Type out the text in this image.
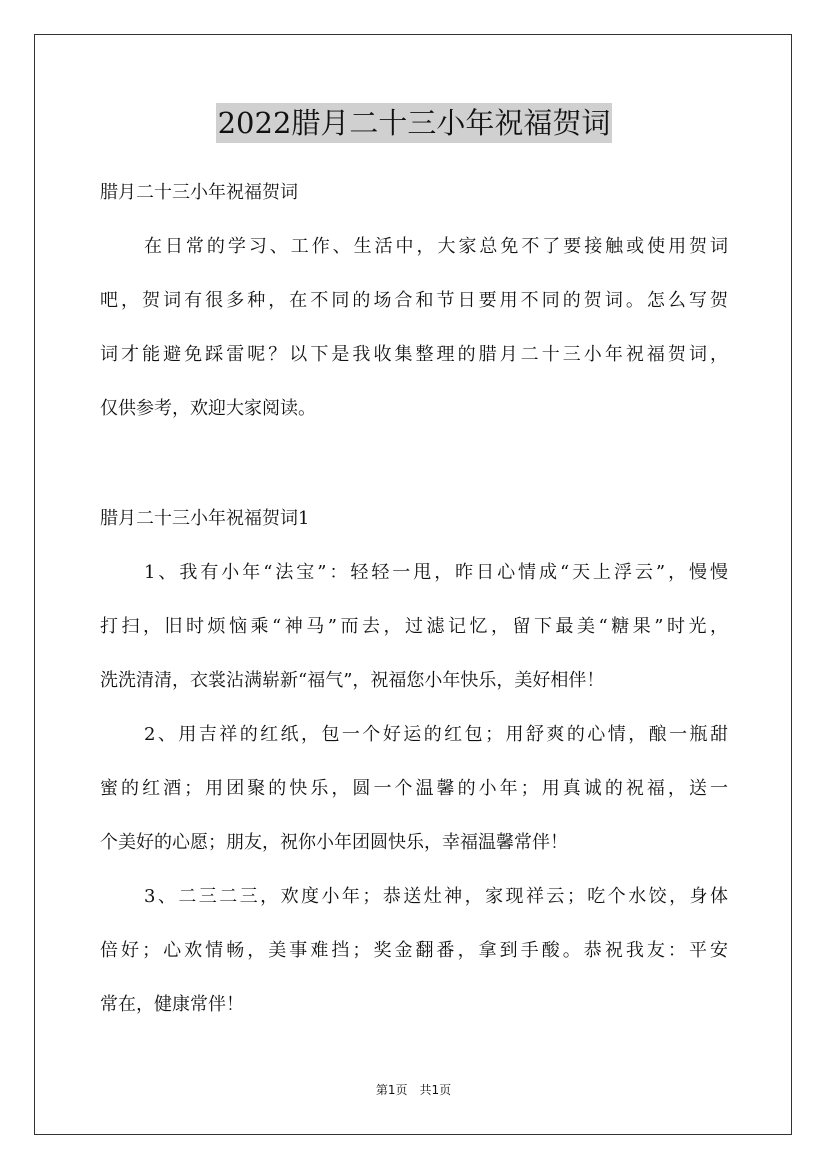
2022腊月二十三小年祝福贺词
腊月二十三小年祝福贺词
在日常的学习、工作、生活中，大家总免不了要接触或使用贺词
吧，贺词有很多种，在不同的场合和节日要用不同的贺词。怎么写贺
词才能避免踩雷呢？以下是我收集整理的腊月二十三小年祝福贺词，
仅供参考，欢迎大家阅读。
腊月二十三小年祝福贺词1
1、我有小年“法宝”：轻轻一甩，昨日心情成“天上浮云”，慢慢
打扫，旧时烦恼乘“神马”而去，过滤记忆，留下最美“糖果”时光，
洗洗清清，衣裳沾满崭新“福气”，祝福您小年快乐，美好相伴！
2、用吉祥的红纸，包一个好运的红包；用舒爽的心情，酿一瓶甜
蜜的红酒；用团聚的快乐，圆一个温馨的小年；用真诚的祝福，送一
个美好的心愿；朋友，祝你小年团圆快乐，幸福温馨常伴！
3、二三二三，欢度小年；恭送灶神，家现祥云；吃个水饺，身体
倍好；心欢情畅，美事难挡；奖金翻番，拿到手酸。恭祝我友：平安
常在，健康常伴！
第1页　共1页
